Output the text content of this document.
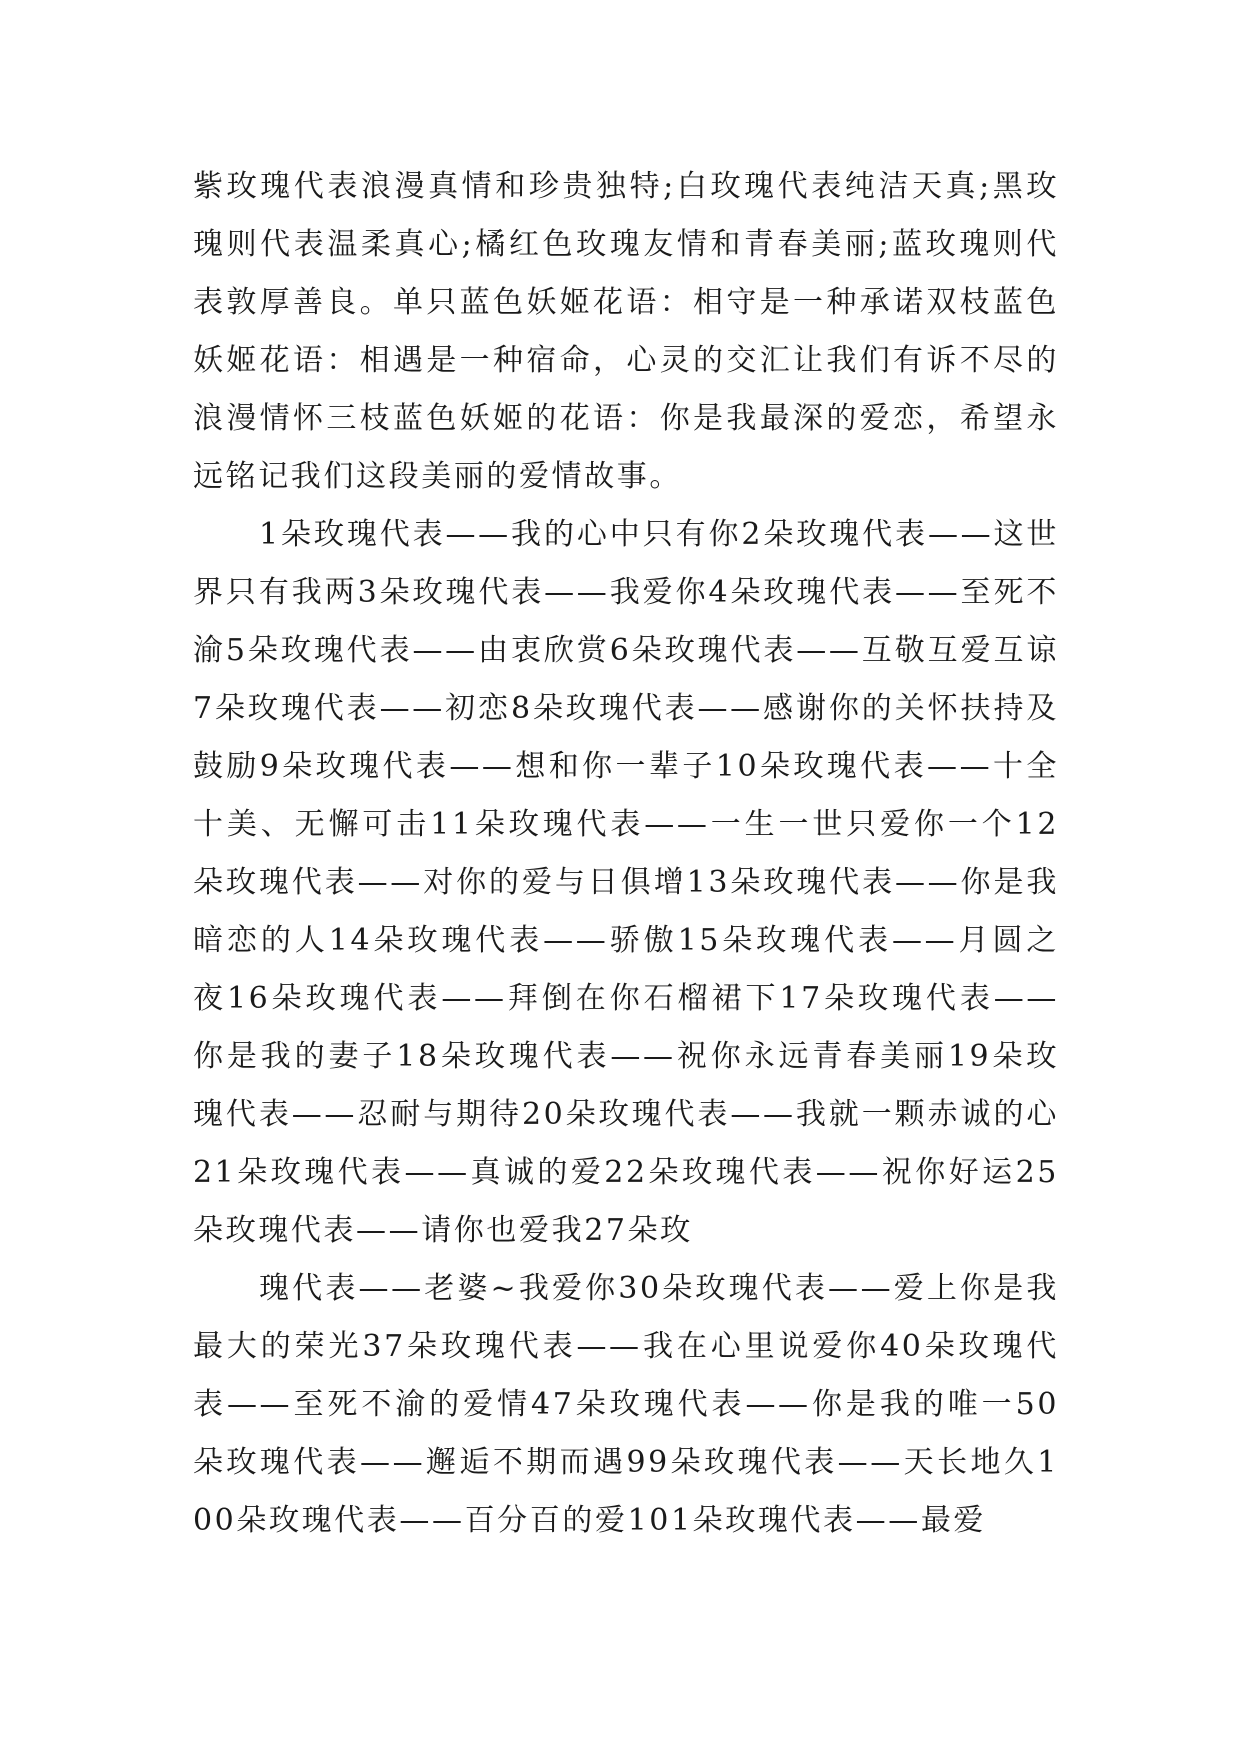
紫玫瑰代表浪漫真情和珍贵独特;白玫瑰代表纯洁天真;黑玫瑰则代表温柔真心;橘红色玫瑰友情和青春美丽;蓝玫瑰则代表敦厚善良。单只蓝色妖姬花语：相守是一种承诺双枝蓝色妖姬花语：相遇是一种宿命，心灵的交汇让我们有诉不尽的浪漫情怀三枝蓝色妖姬的花语：你是我最深的爱恋，希望永远铭记我们这段美丽的爱情故事。

1朵玫瑰代表——我的心中只有你2朵玫瑰代表——这世界只有我两3朵玫瑰代表——我爱你4朵玫瑰代表——至死不渝5朵玫瑰代表——由衷欣赏6朵玫瑰代表——互敬互爱互谅7朵玫瑰代表——初恋8朵玫瑰代表——感谢你的关怀扶持及鼓励9朵玫瑰代表——想和你一辈子10朵玫瑰代表——十全十美、无懈可击11朵玫瑰代表——一生一世只爱你一个12朵玫瑰代表——对你的爱与日俱增13朵玫瑰代表——你是我暗恋的人14朵玫瑰代表——骄傲15朵玫瑰代表——月圆之夜16朵玫瑰代表——拜倒在你石榴裙下17朵玫瑰代表——你是我的妻子18朵玫瑰代表——祝你永远青春美丽19朵玫瑰代表——忍耐与期待20朵玫瑰代表——我就一颗赤诚的心21朵玫瑰代表——真诚的爱22朵玫瑰代表——祝你好运25朵玫瑰代表——请你也爱我27朵玫

瑰代表——老婆~我爱你30朵玫瑰代表——爱上你是我最大的荣光37朵玫瑰代表——我在心里说爱你40朵玫瑰代表——至死不渝的爱情47朵玫瑰代表——你是我的唯一50朵玫瑰代表——邂逅不期而遇99朵玫瑰代表——天长地久100朵玫瑰代表——百分百的爱101朵玫瑰代表——最爱
